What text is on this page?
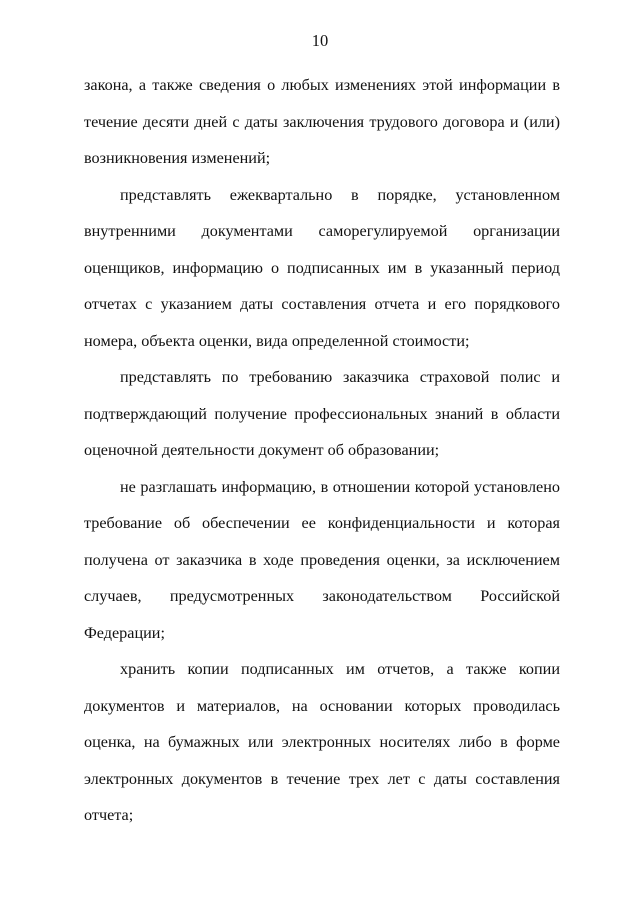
10

закона, а также сведения о любых изменениях этой информации в течение десяти дней с даты заключения трудового договора и (или) возникновения изменений;

представлять ежеквартально в порядке, установленном внутренними документами саморегулируемой организации оценщиков, информацию о подписанных им в указанный период отчетах с указанием даты составления отчета и его порядкового номера, объекта оценки, вида определенной стоимости;

представлять по требованию заказчика страховой полис и подтверждающий получение профессиональных знаний в области оценочной деятельности документ об образовании;

не разглашать информацию, в отношении которой установлено требование об обеспечении ее конфиденциальности и которая получена от заказчика в ходе проведения оценки, за исключением случаев, предусмотренных законодательством Российской Федерации;

хранить копии подписанных им отчетов, а также копии документов и материалов, на основании которых проводилась оценка, на бумажных или электронных носителях либо в форме электронных документов в течение трех лет с даты составления отчета;
